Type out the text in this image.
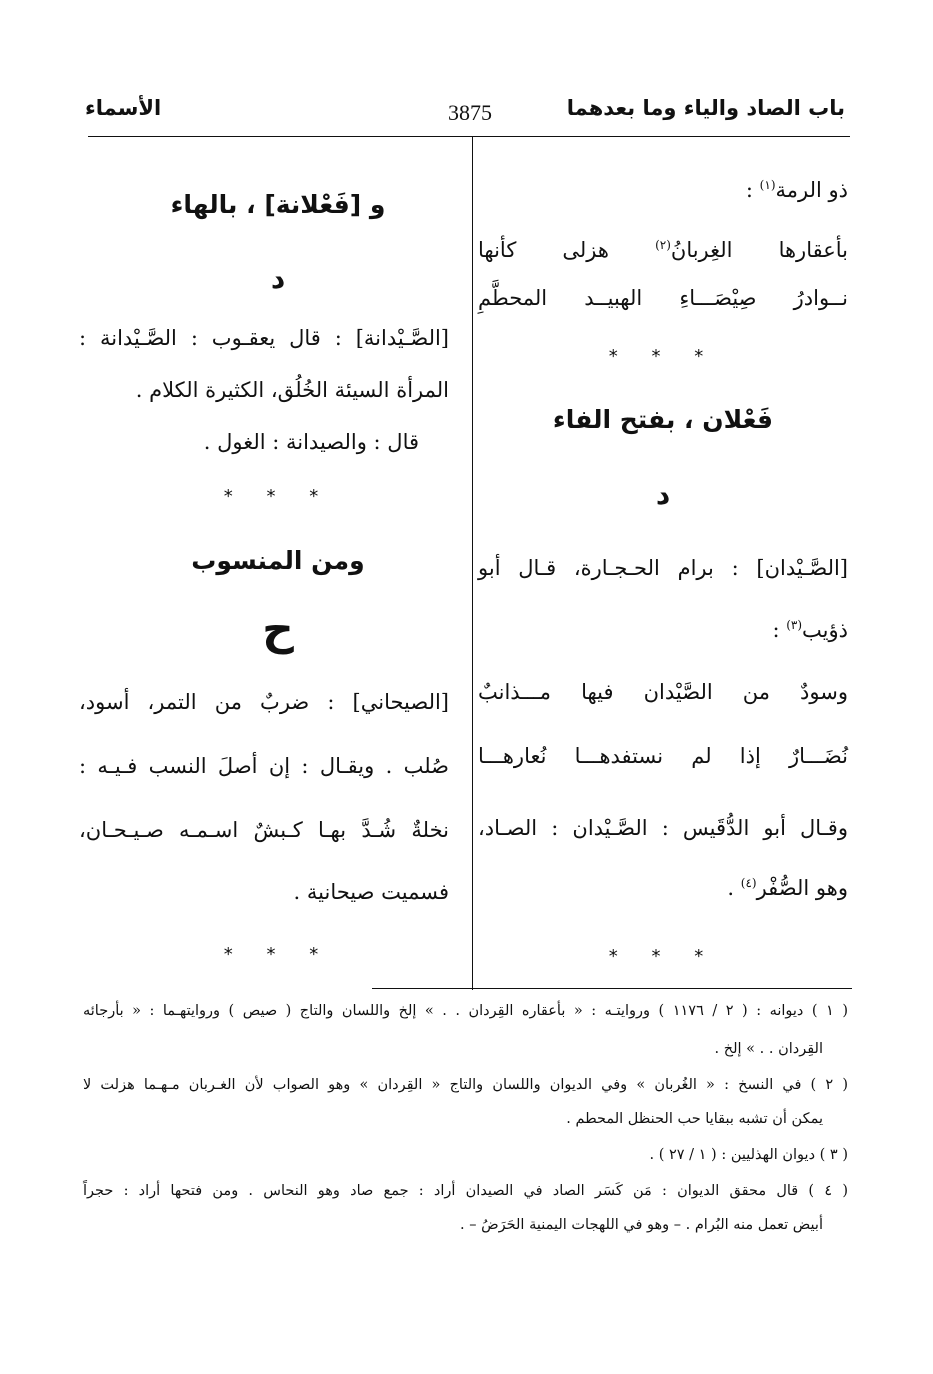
باب الصاد والياء وما بعدهما
3875
الأسماء
ذو الرمة$^{(١)}$ :
بأعقارها الغِربانُ$^{(٢)}$ هزلى كأنها
نــوادرُ صِيْصَـــاءِ الهبيــد المحطَّمِ
* * *
فَعْلان ، بفتح الفاء
د
[الصَّـيْدان] : برام الحـجـارة، قـال أبو
ذؤيب$^{(٣)}$ :
وسودٌ من الصَّيْدان فيها مـــذانبٌ
نُضَـــارٌ إذا لم نستفدهـــا نُعارهـــا
وقـال أبو الدُّقَيس : الصَّـيْدان : الصـاد،
وهو الصُّفْر$^{(٤)}$ .
* * *
و [فَعْلانة] ، بالهاء
د
[الصَّـيْدانة] : قال يعقـوب : الصَّـيْدانة :
المرأة السيئة الخُلُق، الكثيرة الكلام .
قال : والصيدانة : الغول .
* * *
ومن المنسوب
ح
[الصيحاني] : ضربٌ من التمر، أسود،
صُلب . ويقـال : إن أصلَ النسب فـيـه :
نخلةٌ شُـدَّ بهـا كـبشٌ اسـمـه صـيـحـان،
فسميت صيحانية .
* * *
( ١ ) ديوانه : ( ٢ / ١١٧٦ ) وروايتـه : « بأعقاره القِردان . . » إلخ واللسان والتاج ( صيص ) وروايتهـما : « بأرجائه
القِردان . . » إلخ .
( ٢ ) في النسخ : « الغُربان » وفي الديوان واللسان والتاج « القِردان » وهو الصواب لأن الغـربان مـهـما هزلت لا
يمكن أن تشبه ببقايا حب الحنظل المحطم .
( ٣ ) ديوان الهذليين : ( ١ / ٢٧ ) .
( ٤ ) قال محقق الديوان : مَن كَسَر الصاد في الصيدان أراد : جمع صاد وهو النحاس . ومن فتحها أراد : حجراً
أبيض تعمل منه البُرام . – وهو في اللهجات اليمنية الحَرَضُ – .
